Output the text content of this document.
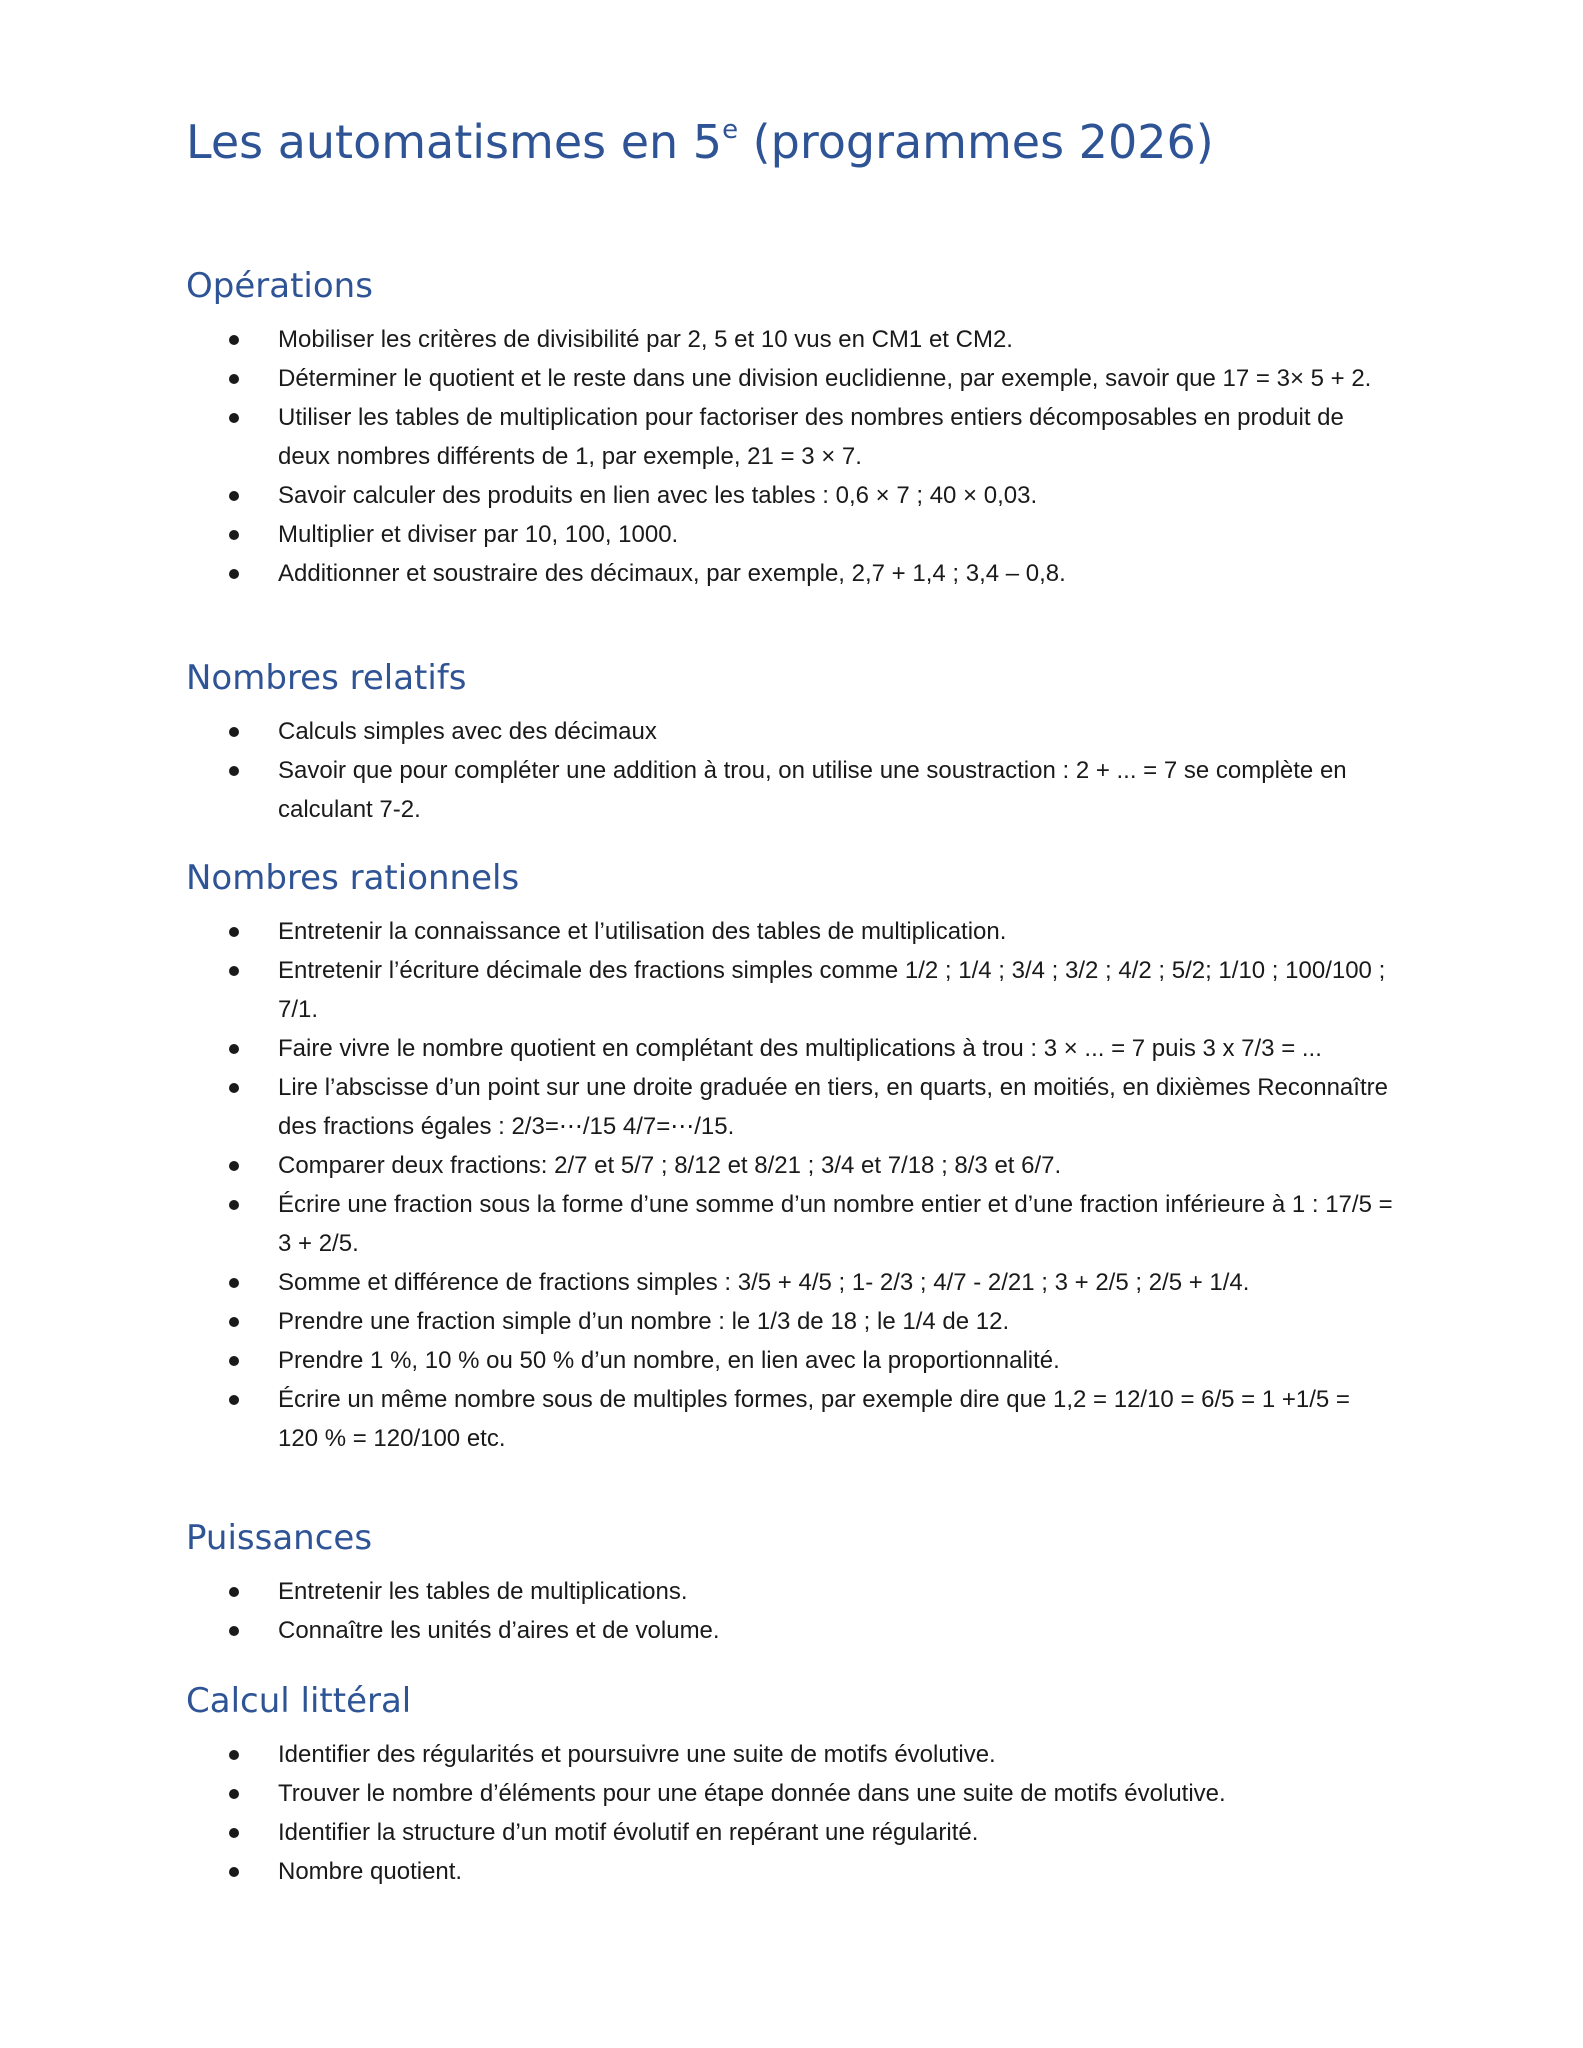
Les automatismes en 5e (programmes 2026)
Opérations
Mobiliser les critères de divisibilité par 2, 5 et 10 vus en CM1 et CM2.
Déterminer le quotient et le reste dans une division euclidienne, par exemple, savoir que 17 = 3× 5 + 2.
Utiliser les tables de multiplication pour factoriser des nombres entiers décomposables en produit de deux nombres différents de 1, par exemple, 21 = 3 × 7.
Savoir calculer des produits en lien avec les tables : 0,6 × 7 ; 40 × 0,03.
Multiplier et diviser par 10, 100, 1000.
Additionner et soustraire des décimaux, par exemple, 2,7 + 1,4 ; 3,4 – 0,8.
Nombres relatifs
Calculs simples avec des décimaux
Savoir que pour compléter une addition à trou, on utilise une soustraction : 2 + ... = 7 se complète en calculant 7-2.
Nombres rationnels
Entretenir la connaissance et l’utilisation des tables de multiplication.
Entretenir l’écriture décimale des fractions simples comme 1/2 ; 1/4 ; 3/4 ; 3/2 ; 4/2 ; 5/2; 1/10 ; 100/100 ; 7/1.
Faire vivre le nombre quotient en complétant des multiplications à trou : 3 × ... = 7 puis 3 x 7/3 = ...
Lire l’abscisse d’un point sur une droite graduée en tiers, en quarts, en moitiés, en dixièmes Reconnaître des fractions égales : 2/3=⋯/15 4/7=⋯/15.
Comparer deux fractions: 2/7 et 5/7 ; 8/12 et 8/21 ; 3/4 et 7/18 ; 8/3 et 6/7.
Écrire une fraction sous la forme d’une somme d’un nombre entier et d’une fraction inférieure à 1 : 17/5 = 3 + 2/5.
Somme et différence de fractions simples : 3/5 + 4/5 ; 1- 2/3 ; 4/7 - 2/21 ; 3 + 2/5 ; 2/5 + 1/4.
Prendre une fraction simple d’un nombre : le 1/3 de 18 ; le 1/4 de 12.
Prendre 1 %, 10 % ou 50 % d’un nombre, en lien avec la proportionnalité.
Écrire un même nombre sous de multiples formes, par exemple dire que 1,2 = 12/10 = 6/5 = 1 +1/5 = 120 % = 120/100 etc.
Puissances
Entretenir les tables de multiplications.
Connaître les unités d’aires et de volume.
Calcul littéral
Identifier des régularités et poursuivre une suite de motifs évolutive.
Trouver le nombre d’éléments pour une étape donnée dans une suite de motifs évolutive.
Identifier la structure d’un motif évolutif en repérant une régularité.
Nombre quotient.
